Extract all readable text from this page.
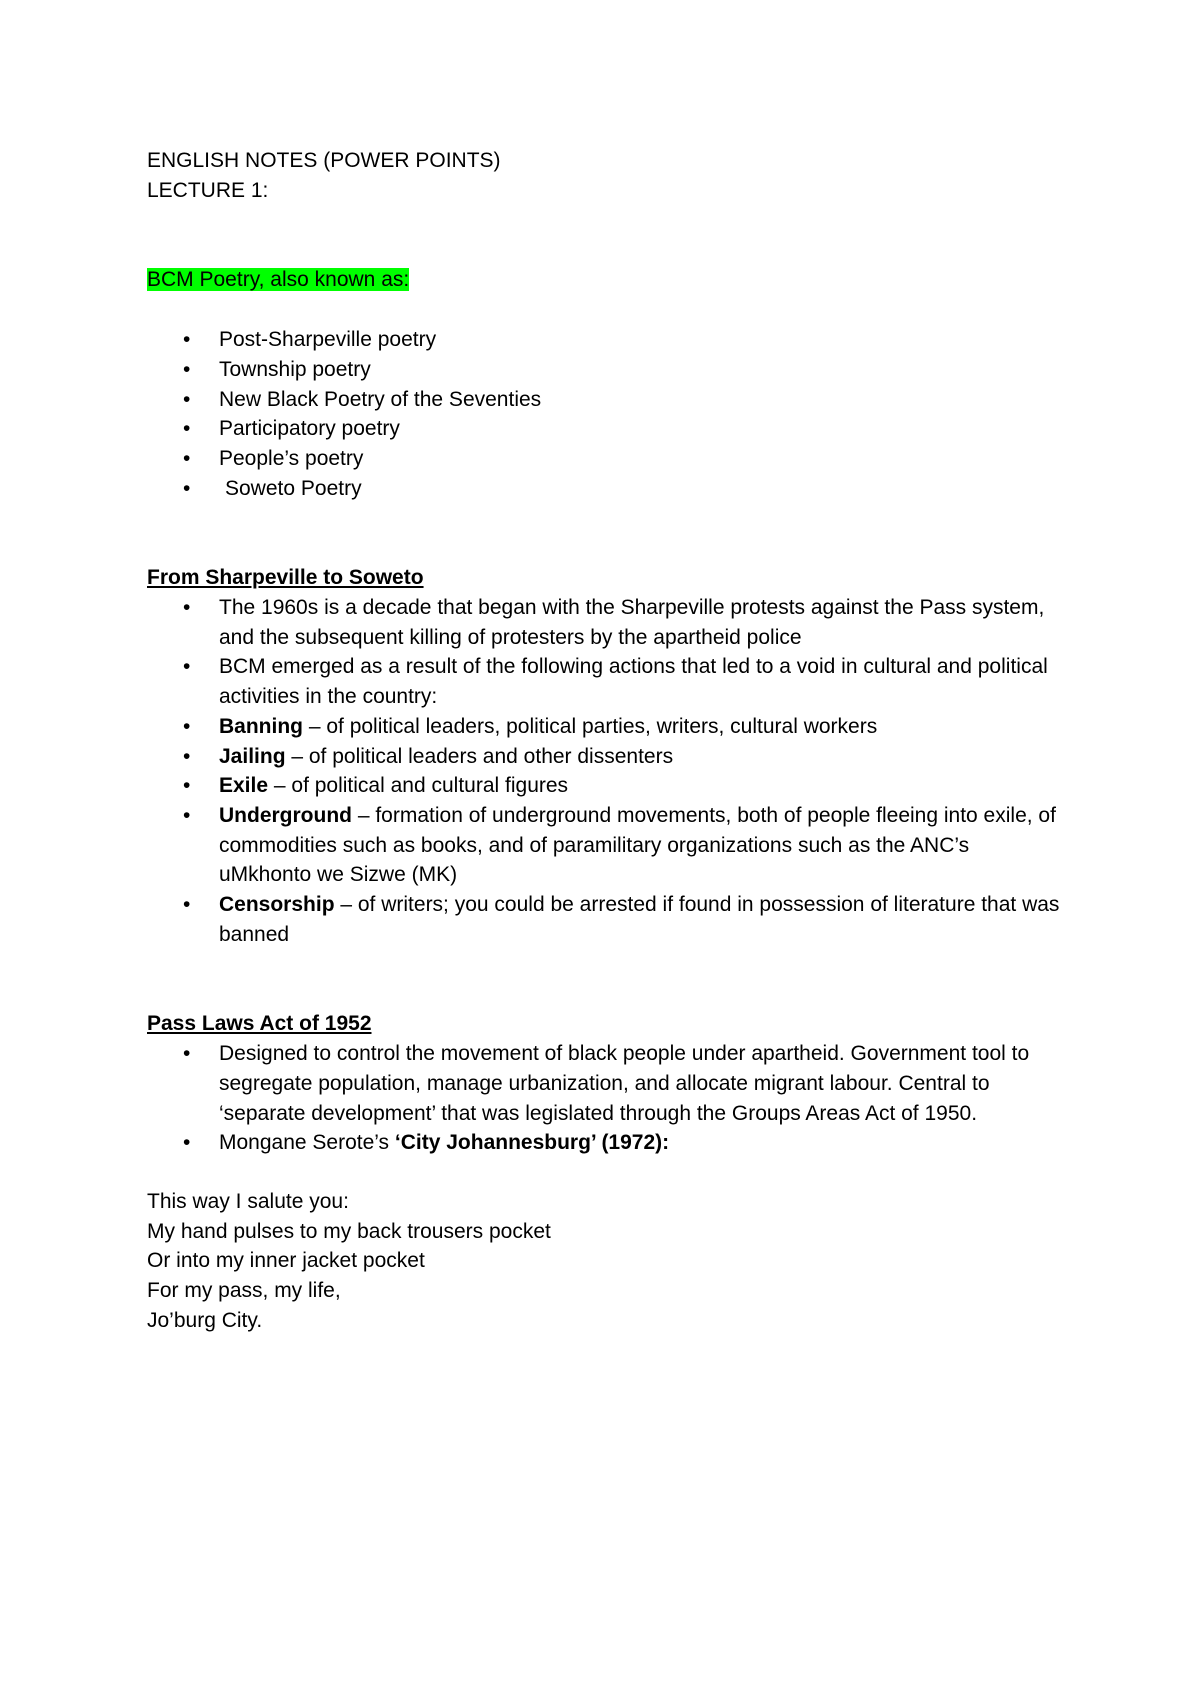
ENGLISH NOTES (POWER POINTS)
LECTURE 1:
BCM Poetry, also known as:
•
Post-Sharpeville poetry
•
Township poetry
•
New Black Poetry of the Seventies
•
Participatory poetry
•
People’s poetry
•
Soweto Poetry
From Sharpeville to Soweto
•
The 1960s is a decade that began with the Sharpeville protests against the Pass system, and the subsequent killing of protesters by the apartheid police
•
BCM emerged as a result of the following actions that led to a void in cultural and political activities in the country:
•
Banning – of political leaders, political parties, writers, cultural workers
•
Jailing – of political leaders and other dissenters
•
Exile – of political and cultural figures
•
Underground – formation of underground movements, both of people fleeing into exile, of commodities such as books, and of paramilitary organizations such as the ANC’s uMkhonto we Sizwe (MK)
•
Censorship – of writers; you could be arrested if found in possession of literature that was banned
Pass Laws Act of 1952
•
Designed to control the movement of black people under apartheid. Government tool to segregate population, manage urbanization, and allocate migrant labour. Central to ‘separate development’ that was legislated through the Groups Areas Act of 1950.
•
Mongane Serote’s ‘City Johannesburg’ (1972):
This way I salute you:
My hand pulses to my back trousers pocket
Or into my inner jacket pocket
For my pass, my life,
Jo’burg City.
